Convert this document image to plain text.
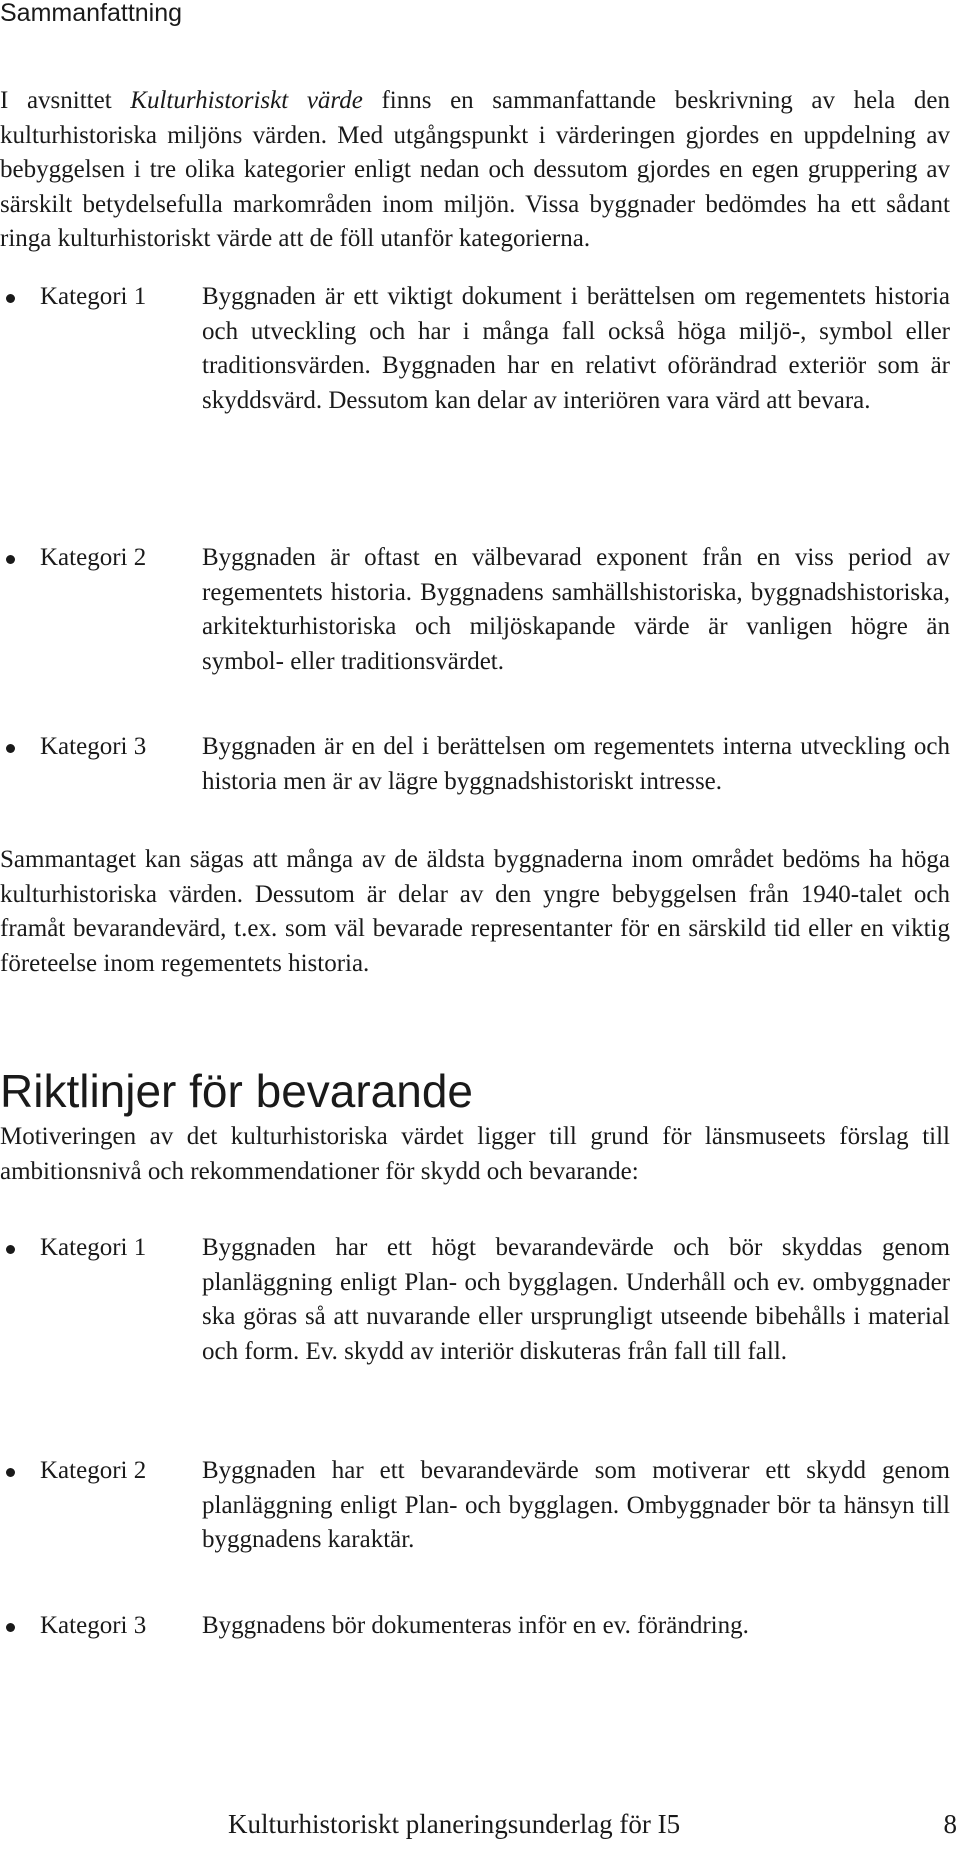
Sammanfattning

I avsnittet Kulturhistoriskt värde finns en sammanfattande beskrivning av hela den kulturhistoriska miljöns värden. Med utgångspunkt i värderingen gjordes en uppdelning av bebyggelsen i tre olika kategorier enligt nedan och dessutom gjordes en egen gruppering av särskilt betydelsefulla markområden inom miljön. Vissa byggnader bedömdes ha ett sådant ringa kulturhistoriskt värde att de föll utanför kategorierna.

Kategori 1 Byggnaden är ett viktigt dokument i berättelsen om regementets historia och utveckling och har i många fall också höga miljö-, symbol eller traditionsvärden. Byggnaden har en relativt oförändrad exteriör som är skyddsvärd. Dessutom kan delar av interiören vara värd att bevara.

Kategori 2 Byggnaden är oftast en välbevarad exponent från en viss period av regementets historia. Byggnadens samhällshistoriska, byggnadshistoriska, arkitekturhistoriska och miljöskapande värde är vanligen högre än symbol- eller traditionsvärdet.

Kategori 3 Byggnaden är en del i berättelsen om regementets interna utveckling och historia men är av lägre byggnadshistoriskt intresse.

Sammantaget kan sägas att många av de äldsta byggnaderna inom området bedöms ha höga kulturhistoriska värden. Dessutom är delar av den yngre bebyggelsen från 1940-talet och framåt bevarandevärd, t.ex. som väl bevarade representanter för en särskild tid eller en viktig företeelse inom regementets historia.

Riktlinjer för bevarande

Motiveringen av det kulturhistoriska värdet ligger till grund för länsmuseets förslag till ambitionsnivå och rekommendationer för skydd och bevarande:

Kategori 1 Byggnaden har ett högt bevarandevärde och bör skyddas genom planläggning enligt Plan- och bygglagen. Underhåll och ev. ombyggnader ska göras så att nuvarande eller ursprungligt utseende bibehålls i material och form. Ev. skydd av interiör diskuteras från fall till fall.

Kategori 2 Byggnaden har ett bevarandevärde som motiverar ett skydd genom planläggning enligt Plan- och bygglagen. Ombyggnader bör ta hänsyn till byggnadens karaktär.

Kategori 3 Byggnadens bör dokumenteras inför en ev. förändring.

Kulturhistoriskt planeringsunderlag för I5	8
